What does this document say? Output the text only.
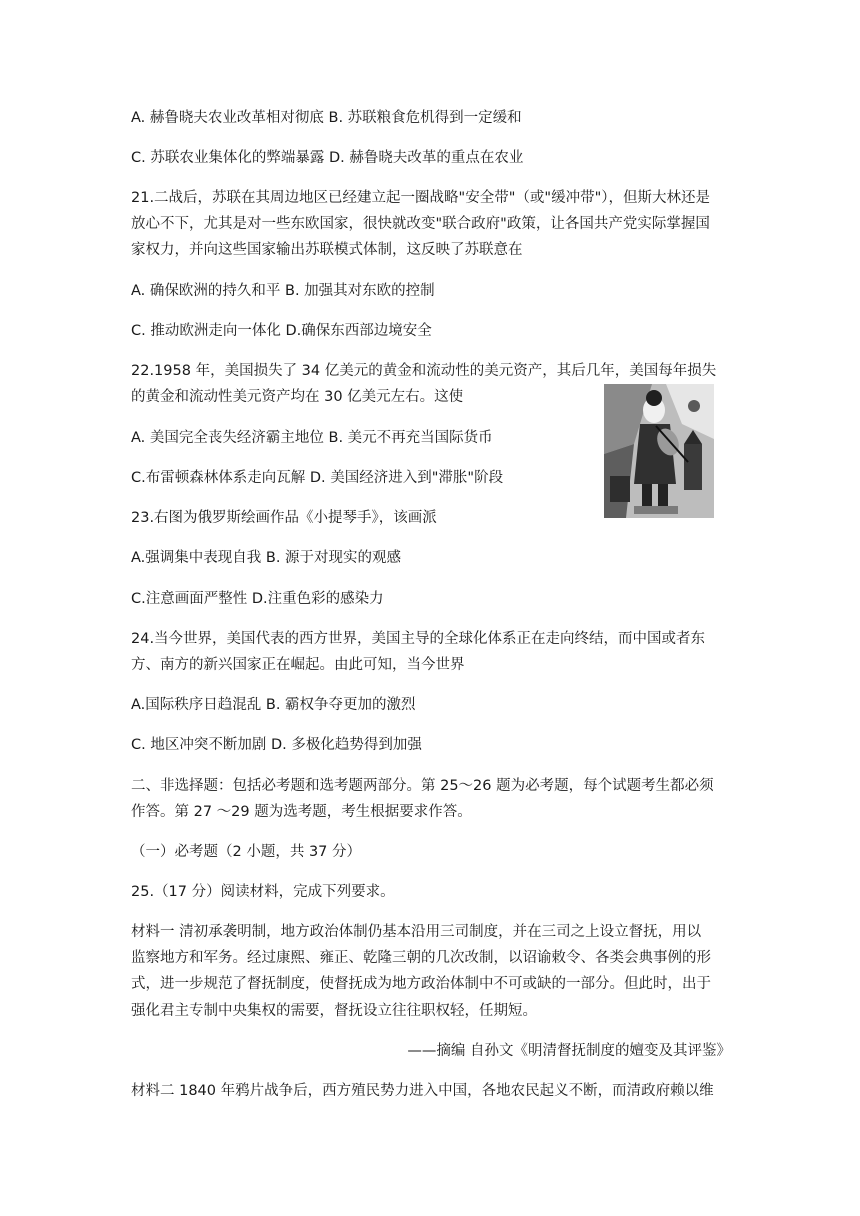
A. 赫鲁晓夫农业改革相对彻底 B. 苏联粮食危机得到一定缓和
C. 苏联农业集体化的弊端暴露 D. 赫鲁晓夫改革的重点在农业
21.二战后，苏联在其周边地区已经建立起一圈战略"安全带"（或"缓冲带"），但斯大林还是
放心不下，尤其是对一些东欧国家，很快就改变"联合政府"政策，让各国共产党实际掌握国
家权力，并向这些国家输出苏联模式体制，这反映了苏联意在
A. 确保欧洲的持久和平 B. 加强其对东欧的控制
C. 推动欧洲走向一体化 D.确保东西部边境安全
22.1958 年，美国损失了 34 亿美元的黄金和流动性的美元资产，其后几年，美国每年损失
的黄金和流动性美元资产均在 30 亿美元左右。这使
A. 美国完全丧失经济霸主地位 B. 美元不再充当国际货币
C.布雷顿森林体系走向瓦解 D. 美国经济进入到"滞胀"阶段
23.右图为俄罗斯绘画作品《小提琴手》，该画派
A.强调集中表现自我 B. 源于对现实的观感
C.注意画面严整性 D.注重色彩的感染力
24.当今世界，美国代表的西方世界，美国主导的全球化体系正在走向终结，而中国或者东
方、南方的新兴国家正在崛起。由此可知，当今世界
A.国际秩序日趋混乱 B. 霸权争夺更加的激烈
C. 地区冲突不断加剧 D. 多极化趋势得到加强
二、非选择题：包括必考题和选考题两部分。第 25～26 题为必考题，每个试题考生都必须
作答。第 27 ～29 题为选考题，考生根据要求作答。
（一）必考题（2 小题，共 37 分）
25.（17 分）阅读材料，完成下列要求。
材料一 清初承袭明制，地方政治体制仍基本沿用三司制度，并在三司之上设立督抚，用以
监察地方和军务。经过康熙、雍正、乾隆三朝的几次改制，以诏谕敕令、各类会典事例的形
式，进一步规范了督抚制度，使督抚成为地方政治体制中不可或缺的一部分。但此时，出于
强化君主专制中央集权的需要，督抚设立往往职权轻，任期短。
——摘编 自孙文《明清督抚制度的嬗变及其评鉴》
材料二 1840 年鸦片战争后，西方殖民势力进入中国，各地农民起义不断，而清政府赖以维
